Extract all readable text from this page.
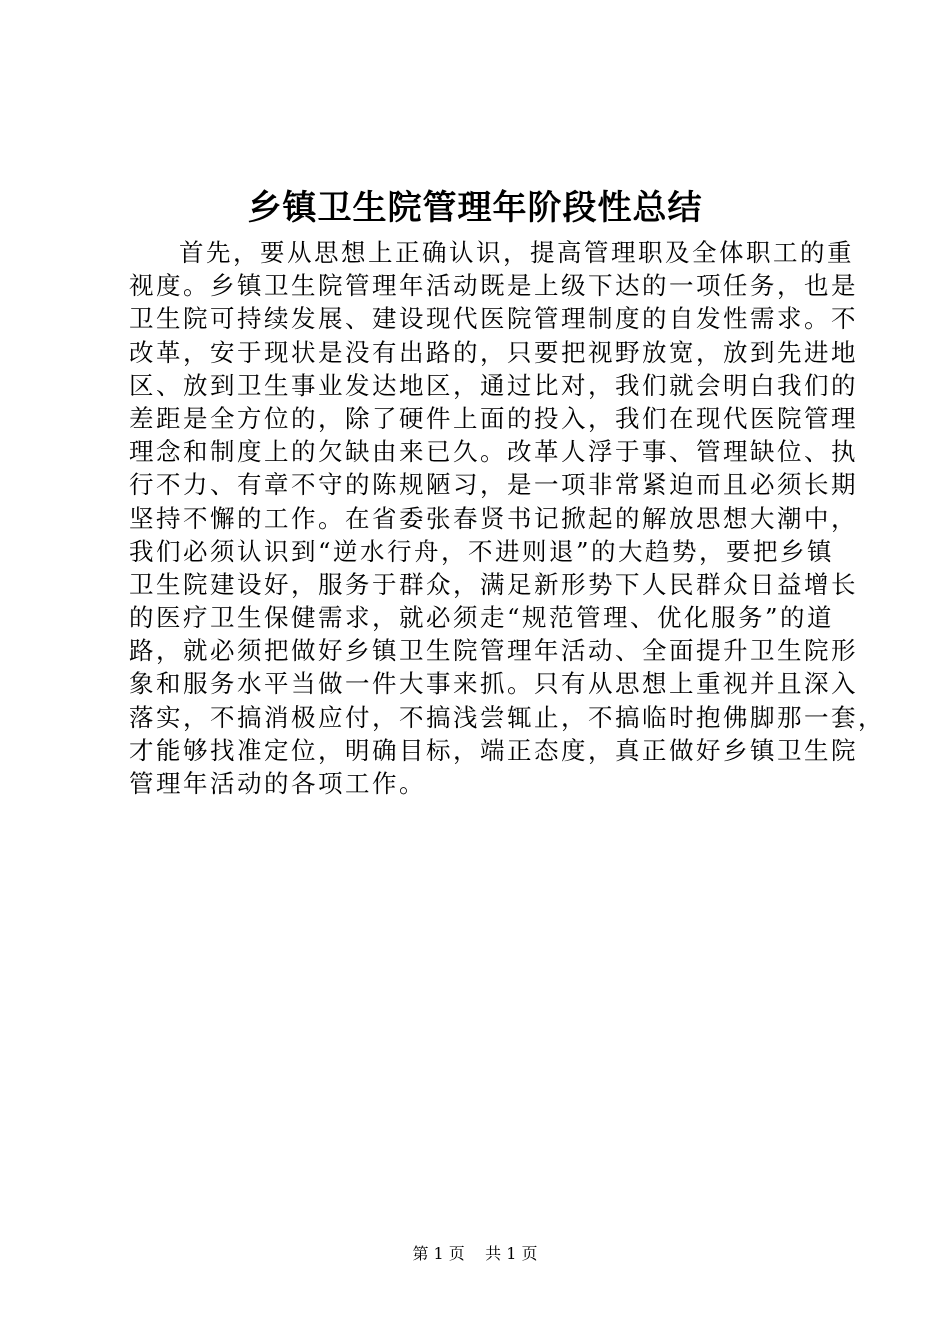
乡镇卫生院管理年阶段性总结
首先，要从思想上正确认识，提高管理职及全体职工的重
视度。乡镇卫生院管理年活动既是上级下达的一项任务，也是
卫生院可持续发展、建设现代医院管理制度的自发性需求。不
改革，安于现状是没有出路的，只要把视野放宽，放到先进地
区、放到卫生事业发达地区，通过比对，我们就会明白我们的
差距是全方位的，除了硬件上面的投入，我们在现代医院管理
理念和制度上的欠缺由来已久。改革人浮于事、管理缺位、执
行不力、有章不守的陈规陋习，是一项非常紧迫而且必须长期
坚持不懈的工作。在省委张春贤书记掀起的解放思想大潮中，
我们必须认识到“逆水行舟，不进则退”的大趋势，要把乡镇
卫生院建设好，服务于群众，满足新形势下人民群众日益增长
的医疗卫生保健需求，就必须走“规范管理、优化服务”的道
路，就必须把做好乡镇卫生院管理年活动、全面提升卫生院形
象和服务水平当做一件大事来抓。只有从思想上重视并且深入
落实，不搞消极应付，不搞浅尝辄止，不搞临时抱佛脚那一套，
才能够找准定位，明确目标，端正态度，真正做好乡镇卫生院
管理年活动的各项工作。
第 1 页 共 1 页
